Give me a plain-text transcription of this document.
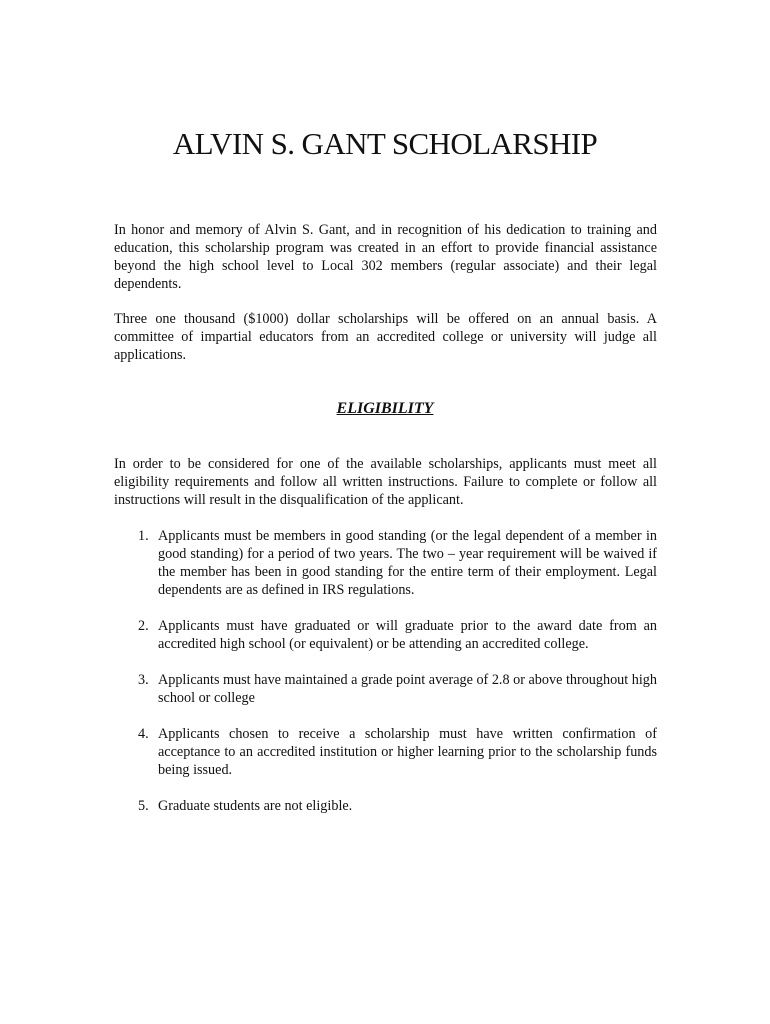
ALVIN S. GANT SCHOLARSHIP

In honor and memory of Alvin S. Gant, and in recognition of his dedication to training and education, this scholarship program was created in an effort to provide financial assistance beyond the high school level to Local 302 members (regular associate) and their legal dependents.

Three one thousand ($1000) dollar scholarships will be offered on an annual basis. A committee of impartial educators from an accredited college or university will judge all applications.

ELIGIBILITY

In order to be considered for one of the available scholarships, applicants must meet all eligibility requirements and follow all written instructions. Failure to complete or follow all instructions will result in the disqualification of the applicant.

1. Applicants must be members in good standing (or the legal dependent of a member in good standing) for a period of two years. The two – year requirement will be waived if the member has been in good standing for the entire term of their employment. Legal dependents are as defined in IRS regulations.
2. Applicants must have graduated or will graduate prior to the award date from an accredited high school (or equivalent) or be attending an accredited college.
3. Applicants must have maintained a grade point average of 2.8 or above throughout high school or college
4. Applicants chosen to receive a scholarship must have written confirmation of acceptance to an accredited institution or higher learning prior to the scholarship funds being issued.
5. Graduate students are not eligible.
